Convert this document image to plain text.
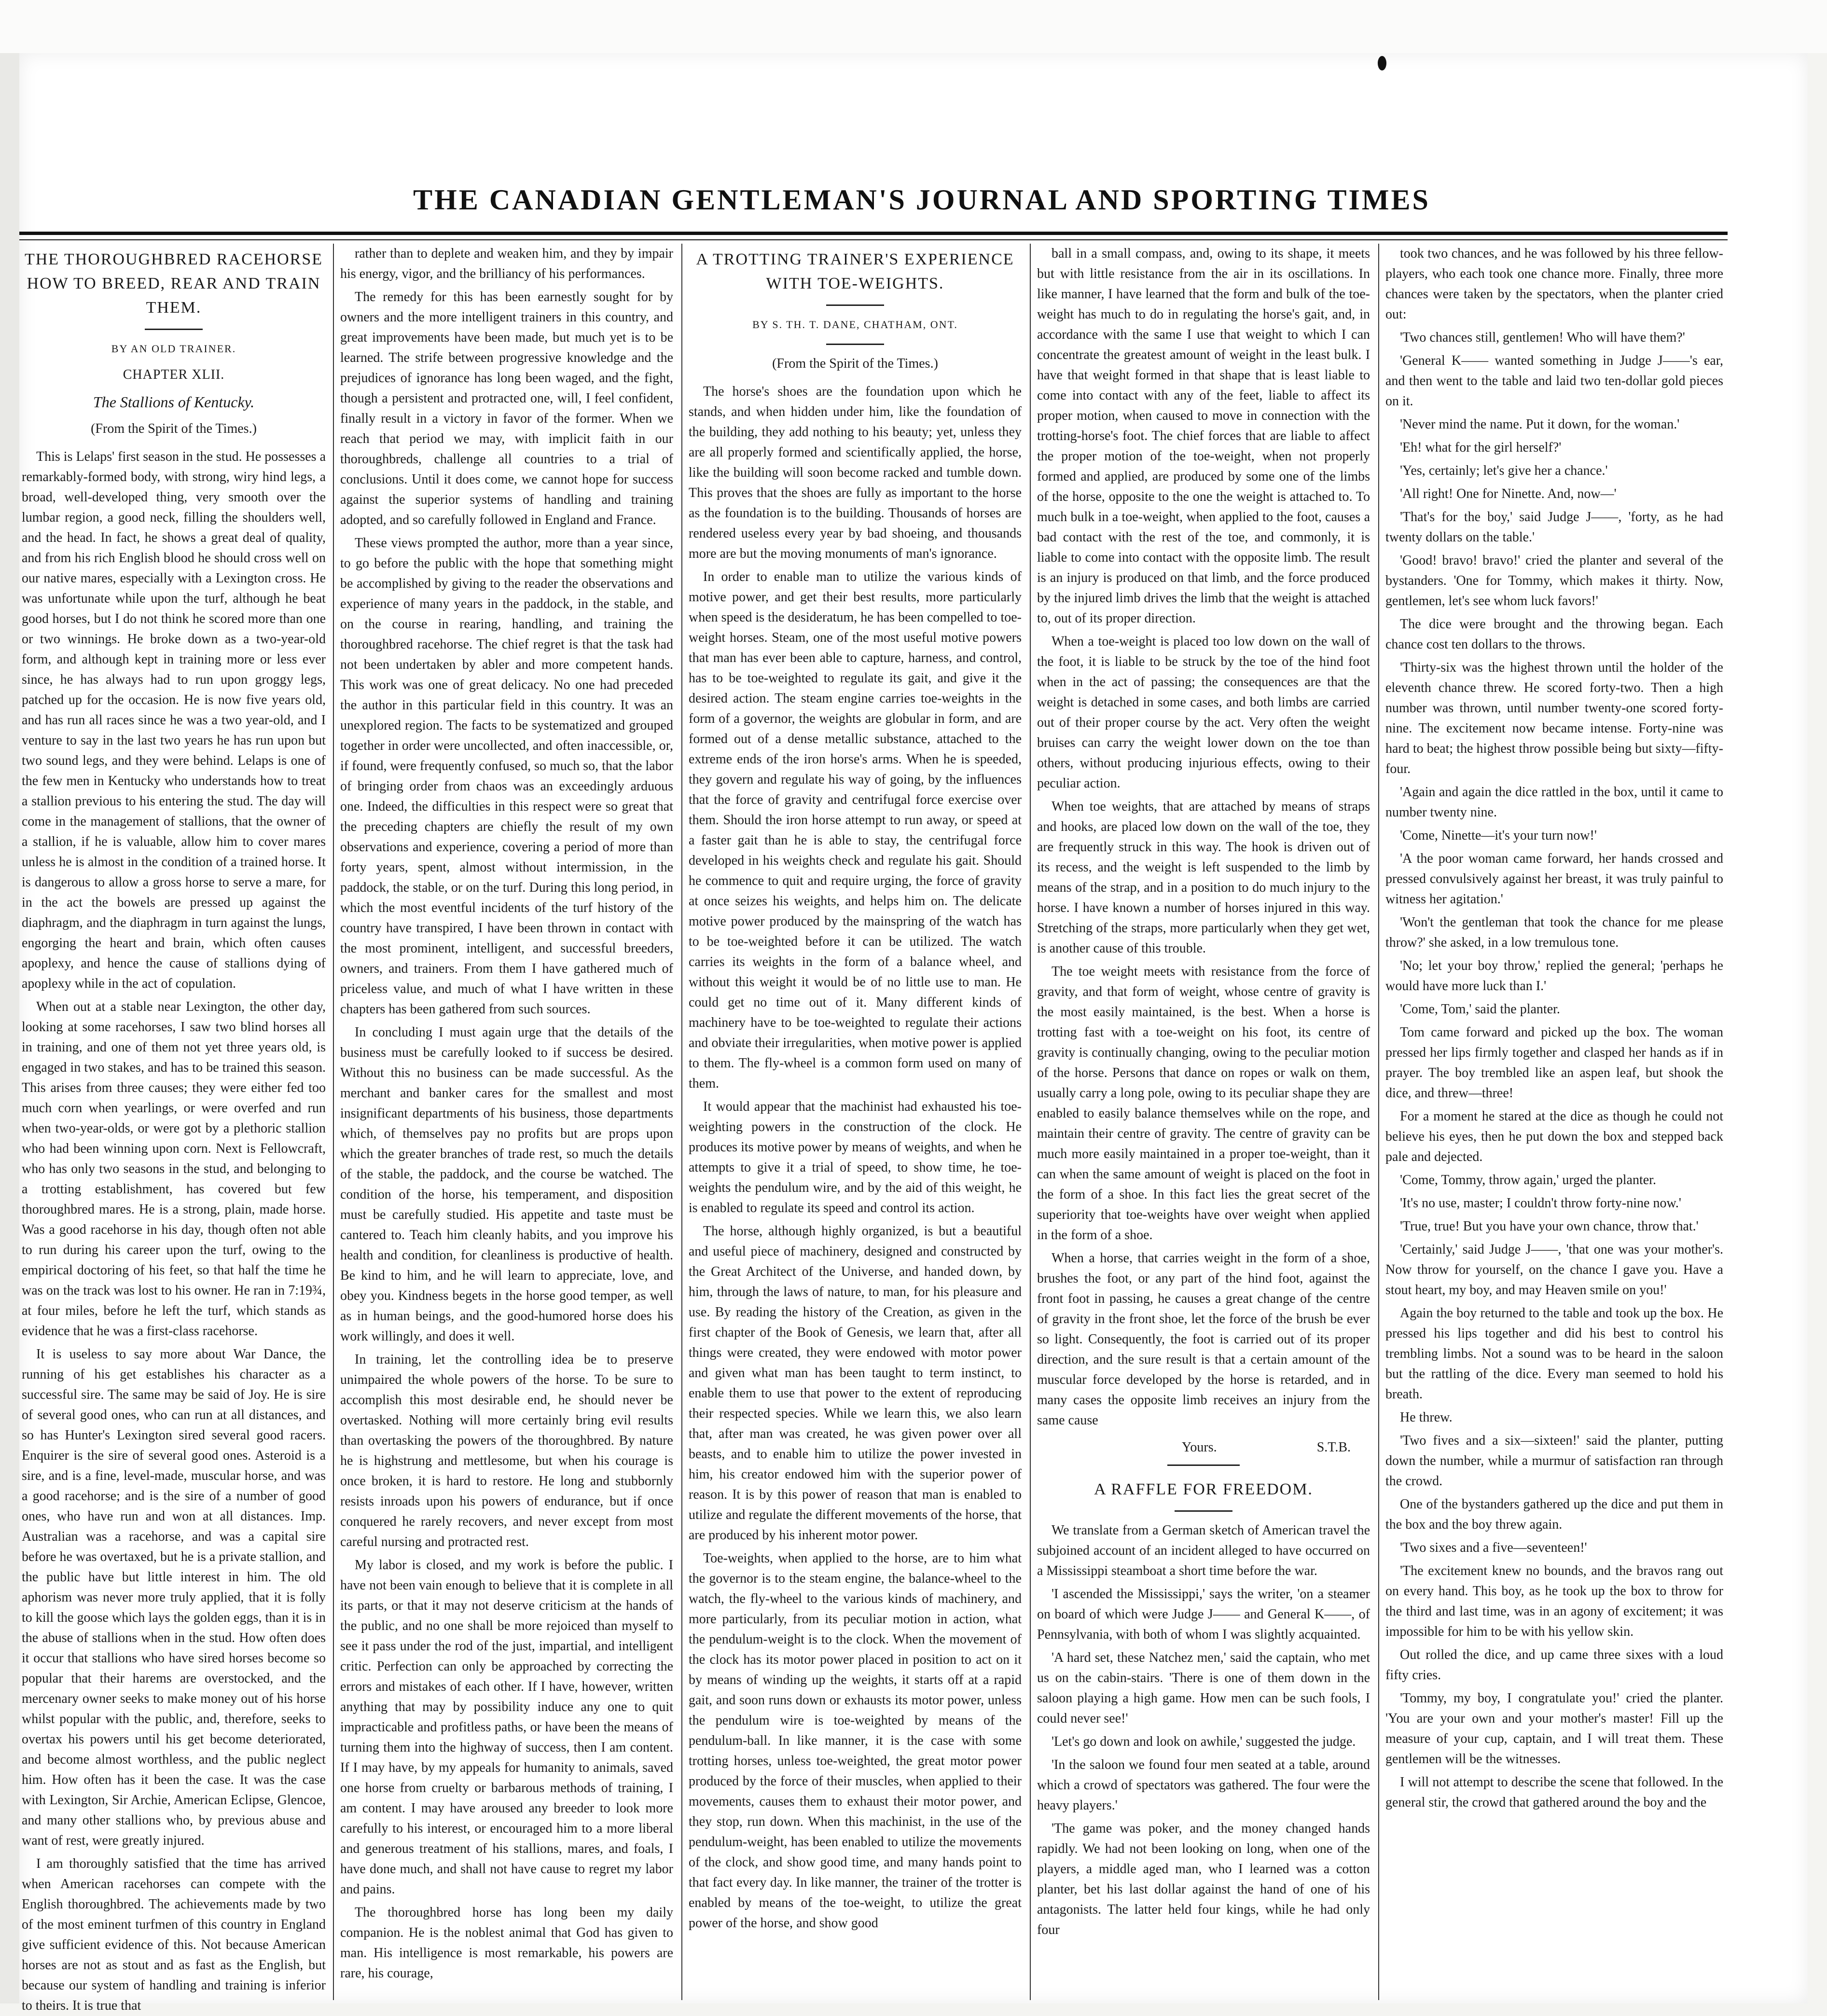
THE CANADIAN GENTLEMAN'S JOURNAL AND SPORTING TIMES
THE THOROUGHBRED RACEHORSE HOW TO BREED, REAR AND TRAIN THEM.
BY AN OLD TRAINER.
CHAPTER XLII.
The Stallions of Kentucky.
(From the Spirit of the Times.)

This is Lelaps' first season in the stud. He possesses a remarkably-formed body, with strong, wiry hind legs, a broad, well-developed thing, very smooth over the lumbar region, a good neck, filling the shoulders well, and the head. In fact, he shows a great deal of quality, and from his rich English blood he should cross well on our native mares, especially with a Lexington cross. He was unfortunate while upon the turf, although he beat good horses, but I do not think he scored more than one or two winnings. He broke down as a two-year-old form, and although kept in training more or less ever since, he has always had to run upon groggy legs, patched up for the occasion. He is now five years old, and has run all races since he was a two year-old, and I venture to say in the last two years he has run upon but two sound legs, and they were behind. Lelaps is one of the few men in Kentucky who understands how to treat a stallion previous to his entering the stud. The day will come in the management of stallions, that the owner of a stallion, if he is valuable, allow him to cover mares unless he is almost in the condition of a trained horse. It is dangerous to allow a gross horse to serve a mare, for in the act the bowels are pressed up against the diaphragm, and the diaphragm in turn against the lungs, engorging the heart and brain, which often causes apoplexy, and hence the cause of stallions dying of apoplexy while in the act of copulation.

When out at a stable near Lexington, the other day, looking at some racehorses, I saw two blind horses all in training, and one of them not yet three years old, is engaged in two stakes, and has to be trained this season. This arises from three causes; they were either fed too much corn when yearlings, or were overfed and run when two-year-olds, or were got by a plethoric stallion who had been winning upon corn. Next is Fellowcraft, who has only two seasons in the stud, and belonging to a trotting establishment, has covered but few thoroughbred mares. He is a strong, plain, made horse. Was a good racehorse in his day, though often not able to run during his career upon the turf, owing to the empirical doctoring of his feet, so that half the time he was on the track was lost to his owner. He ran in 7:19¾, at four miles, before he left the turf, which stands as evidence that he was a first-class racehorse.

It is useless to say more about War Dance, the running of his get establishes his character as a successful sire. The same may be said of Joy. He is sire of several good ones, who can run at all distances, and so has Hunter's Lexington sired several good racers. Enquirer is the sire of several good ones. Asteroid is a sire, and is a fine, level-made, muscular horse, and was a good racehorse; and is the sire of a number of good ones, who have run and won at all distances. Imp. Australian was a racehorse, and was a capital sire before he was overtaxed, but he is a private stallion, and the public have but little interest in him. The old aphorism was never more truly applied, that it is folly to kill the goose which lays the golden eggs, than it is in the abuse of stallions when in the stud. How often does it occur that stallions who have sired horses become so popular that their harems are overstocked, and the mercenary owner seeks to make money out of his horse whilst popular with the public, and, therefore, seeks to overtax his powers until his get become deteriorated, and become almost worthless, and the public neglect him. How often has it been the case. It was the case with Lexington, Sir Archie, American Eclipse, Glencoe, and many other stallions who, by previous abuse and want of rest, were greatly injured.

I am thoroughly satisfied that the time has arrived when American racehorses can compete with the English thoroughbred. The achievements made by two of the most eminent turfmen of this country in England give sufficient evidence of this. Not because American horses are not as stout and as fast as the English, but because our system of handling and training is inferior to theirs. It is true that

rather than to deplete and weaken him, and they by impair his energy, vigor, and the brilliancy of his performances.

The remedy for this has been earnestly sought for by owners and the more intelligent trainers in this country, and great improvements have been made, but much yet is to be learned. The strife between progressive knowledge and the prejudices of ignorance has long been waged, and the fight, though a persistent and protracted one, will, I feel confident, finally result in a victory in favor of the former. When we reach that period we may, with implicit faith in our thoroughbreds, challenge all countries to a trial of conclusions. Until it does come, we cannot hope for success against the superior systems of handling and training adopted, and so carefully followed in England and France.

These views prompted the author, more than a year since, to go before the public with the hope that something might be accomplished by giving to the reader the observations and experience of many years in the paddock, in the stable, and on the course in rearing, handling, and training the thoroughbred racehorse. The chief regret is that the task had not been undertaken by abler and more competent hands. This work was one of great delicacy. No one had preceded the author in this particular field in this country. It was an unexplored region. The facts to be systematized and grouped together in order were uncollected, and often inaccessible, or, if found, were frequently confused, so much so, that the labor of bringing order from chaos was an exceedingly arduous one. Indeed, the difficulties in this respect were so great that the preceding chapters are chiefly the result of my own observations and experience, covering a period of more than forty years, spent, almost without intermission, in the paddock, the stable, or on the turf. During this long period, in which the most eventful incidents of the turf history of the country have transpired, I have been thrown in contact with the most prominent, intelligent, and successful breeders, owners, and trainers. From them I have gathered much of priceless value, and much of what I have written in these chapters has been gathered from such sources.

In concluding I must again urge that the details of the business must be carefully looked to if success be desired. Without this no business can be made successful. As the merchant and banker cares for the smallest and most insignificant departments of his business, those departments which, of themselves pay no profits but are props upon which the greater branches of trade rest, so much the details of the stable, the paddock, and the course be watched. The condition of the horse, his temperament, and disposition must be carefully studied. His appetite and taste must be cantered to. Teach him cleanly habits, and you improve his health and condition, for cleanliness is productive of health. Be kind to him, and he will learn to appreciate, love, and obey you. Kindness begets in the horse good temper, as well as in human beings, and the good-humored horse does his work willingly, and does it well.

In training, let the controlling idea be to preserve unimpaired the whole powers of the horse. To be sure to accomplish this most desirable end, he should never be overtasked. Nothing will more certainly bring evil results than overtasking the powers of the thoroughbred. By nature he is highstrung and mettlesome, but when his courage is once broken, it is hard to restore. He long and stubbornly resists inroads upon his powers of endurance, but if once conquered he rarely recovers, and never except from most careful nursing and protracted rest.

My labor is closed, and my work is before the public. I have not been vain enough to believe that it is complete in all its parts, or that it may not deserve criticism at the hands of the public, and no one shall be more rejoiced than myself to see it pass under the rod of the just, impartial, and intelligent critic. Perfection can only be approached by correcting the errors and mistakes of each other. If I have, however, written anything that may by possibility induce any one to quit impracticable and profitless paths, or have been the means of turning them into the highway of success, then I am content. If I may have, by my appeals for humanity to animals, saved one horse from cruelty or barbarous methods of training, I am content. I may have aroused any breeder to look more carefully to his interest, or encouraged him to a more liberal and generous treatment of his stallions, mares, and foals, I have done much, and shall not have cause to regret my labor and pains.

The thoroughbred horse has long been my daily companion. He is the noblest animal that God has given to man. His intelligence is most remarkable, his powers are rare, his courage,

A TROTTING TRAINER'S EXPERIENCE WITH TOE-WEIGHTS.
BY S. TH. T. DANE, CHATHAM, ONT.
(From the Spirit of the Times.)

The horse's shoes are the foundation upon which he stands, and when hidden under him, like the foundation of the building, they add nothing to his beauty; yet, unless they are all properly formed and scientifically applied, the horse, like the building will soon become racked and tumble down. This proves that the shoes are fully as important to the horse as the foundation is to the building. Thousands of horses are rendered useless every year by bad shoeing, and thousands more are but the moving monuments of man's ignorance.

In order to enable man to utilize the various kinds of motive power, and get their best results, more particularly when speed is the desideratum, he has been compelled to toe-weight horses. Steam, one of the most useful motive powers that man has ever been able to capture, harness, and control, has to be toe-weighted to regulate its gait, and give it the desired action. The steam engine carries toe-weights in the form of a governor, the weights are globular in form, and are formed out of a dense metallic substance, attached to the extreme ends of the iron horse's arms. When he is speeded, they govern and regulate his way of going, by the influences that the force of gravity and centrifugal force exercise over them. Should the iron horse attempt to run away, or speed at a faster gait than he is able to stay, the centrifugal force developed in his weights check and regulate his gait. Should he commence to quit and require urging, the force of gravity at once seizes his weights, and helps him on. The delicate motive power produced by the mainspring of the watch has to be toe-weighted before it can be utilized. The watch carries its weights in the form of a balance wheel, and without this weight it would be of no little use to man. He could get no time out of it. Many different kinds of machinery have to be toe-weighted to regulate their actions and obviate their irregularities, when motive power is applied to them. The fly-wheel is a common form used on many of them.

It would appear that the machinist had exhausted his toe-weighting powers in the construction of the clock. He produces its motive power by means of weights, and when he attempts to give it a trial of speed, to show time, he toe-weights the pendulum wire, and by the aid of this weight, he is enabled to regulate its speed and control its action.

The horse, although highly organized, is but a beautiful and useful piece of machinery, designed and constructed by the Great Architect of the Universe, and handed down, by him, through the laws of nature, to man, for his pleasure and use. By reading the history of the Creation, as given in the first chapter of the Book of Genesis, we learn that, after all things were created, they were endowed with motor power and given what man has been taught to term instinct, to enable them to use that power to the extent of reproducing their respected species. While we learn this, we also learn that, after man was created, he was given power over all beasts, and to enable him to utilize the power invested in him, his creator endowed him with the superior power of reason. It is by this power of reason that man is enabled to utilize and regulate the different movements of the horse, that are produced by his inherent motor power.

Toe-weights, when applied to the horse, are to him what the governor is to the steam engine, the balance-wheel to the watch, the fly-wheel to the various kinds of machinery, and more particularly, from its peculiar motion in action, what the pendulum-weight is to the clock. When the movement of the clock has its motor power placed in position to act on it by means of winding up the weights, it starts off at a rapid gait, and soon runs down or exhausts its motor power, unless the pendulum wire is toe-weighted by means of the pendulum-ball. In like manner, it is the case with some trotting horses, unless toe-weighted, the great motor power produced by the force of their muscles, when applied to their movements, causes them to exhaust their motor power, and they stop, run down. When this machinist, in the use of the pendulum-weight, has been enabled to utilize the movements of the clock, and show good time, and many hands point to that fact every day. In like manner, the trainer of the trotter is enabled by means of the toe-weight, to utilize the great power of the horse, and show good

ball in a small compass, and, owing to its shape, it meets but with little resistance from the air in its oscillations. In like manner, I have learned that the form and bulk of the toe-weight has much to do in regulating the horse's gait, and, in accordance with the same I use that weight to which I can concentrate the greatest amount of weight in the least bulk. I have that weight formed in that shape that is least liable to come into contact with any of the feet, liable to affect its proper motion, when caused to move in connection with the trotting-horse's foot. The chief forces that are liable to affect the proper motion of the toe-weight, when not properly formed and applied, are produced by some one of the limbs of the horse, opposite to the one the weight is attached to. To much bulk in a toe-weight, when applied to the foot, causes a bad contact with the rest of the toe, and commonly, it is liable to come into contact with the opposite limb. The result is an injury is produced on that limb, and the force produced by the injured limb drives the limb that the weight is attached to, out of its proper direction.

When a toe-weight is placed too low down on the wall of the foot, it is liable to be struck by the toe of the hind foot when in the act of passing; the consequences are that the weight is detached in some cases, and both limbs are carried out of their proper course by the act. Very often the weight bruises can carry the weight lower down on the toe than others, without producing injurious effects, owing to their peculiar action.

When toe weights, that are attached by means of straps and hooks, are placed low down on the wall of the toe, they are frequently struck in this way. The hook is driven out of its recess, and the weight is left suspended to the limb by means of the strap, and in a position to do much injury to the horse. I have known a number of horses injured in this way. Stretching of the straps, more particularly when they get wet, is another cause of this trouble.

The toe weight meets with resistance from the force of gravity, and that form of weight, whose centre of gravity is the most easily maintained, is the best. When a horse is trotting fast with a toe-weight on his foot, its centre of gravity is continually changing, owing to the peculiar motion of the horse. Persons that dance on ropes or walk on them, usually carry a long pole, owing to its peculiar shape they are enabled to easily balance themselves while on the rope, and maintain their centre of gravity. The centre of gravity can be much more easily maintained in a proper toe-weight, than it can when the same amount of weight is placed on the foot in the form of a shoe. In this fact lies the great secret of the superiority that toe-weights have over weight when applied in the form of a shoe.

When a horse, that carries weight in the form of a shoe, brushes the foot, or any part of the hind foot, against the front foot in passing, he causes a great change of the centre of gravity in the front shoe, let the force of the brush be ever so light. Consequently, the foot is carried out of its proper direction, and the sure result is that a certain amount of the muscular force developed by the horse is retarded, and in many cases the opposite limb receives an injury from the same cause

Yours.	S.T.B.
A RAFFLE FOR FREEDOM.

We translate from a German sketch of American travel the subjoined account of an incident alleged to have occurred on a Mississippi steamboat a short time before the war.

'I ascended the Mississippi,' says the writer, 'on a steamer on board of which were Judge J—— and General K——, of Pennsylvania, with both of whom I was slightly acquainted.

'A hard set, these Natchez men,' said the captain, who met us on the cabin-stairs. 'There is one of them down in the saloon playing a high game. How men can be such fools, I could never see!'

'Let's go down and look on awhile,' suggested the judge.

'In the saloon we found four men seated at a table, around which a crowd of spectators was gathered. The four were the heavy players.'

'The game was poker, and the money changed hands rapidly. We had not been looking on long, when one of the players, a middle aged man, who I learned was a cotton planter, bet his last dollar against the hand of one of his antagonists. The latter held four kings, while he had only four

took two chances, and he was followed by his three fellow-players, who each took one chance more. Finally, three more chances were taken by the spectators, when the planter cried out:

'Two chances still, gentlemen! Who will have them?'

'General K—— wanted something in Judge J——'s ear, and then went to the table and laid two ten-dollar gold pieces on it.

'Never mind the name. Put it down, for the woman.'

'Eh! what for the girl herself?'

'Yes, certainly; let's give her a chance.'

'All right! One for Ninette. And, now—'

'That's for the boy,' said Judge J——, 'forty, as he had twenty dollars on the table.'

'Good! bravo! bravo!' cried the planter and several of the bystanders. 'One for Tommy, which makes it thirty. Now, gentlemen, let's see whom luck favors!'

The dice were brought and the throwing began. Each chance cost ten dollars to the throws.

'Thirty-six was the highest thrown until the holder of the eleventh chance threw. He scored forty-two. Then a high number was thrown, until number twenty-one scored forty-nine. The excitement now became intense. Forty-nine was hard to beat; the highest throw possible being but sixty—fifty-four.

'Again and again the dice rattled in the box, until it came to number twenty nine.

'Come, Ninette—it's your turn now!'

'A the poor woman came forward, her hands crossed and pressed convulsively against her breast, it was truly painful to witness her agitation.'

'Won't the gentleman that took the chance for me please throw?' she asked, in a low tremulous tone.

'No; let your boy throw,' replied the general; 'perhaps he would have more luck than I.'

'Come, Tom,' said the planter.

Tom came forward and picked up the box. The woman pressed her lips firmly together and clasped her hands as if in prayer. The boy trembled like an aspen leaf, but shook the dice, and threw—three!

For a moment he stared at the dice as though he could not believe his eyes, then he put down the box and stepped back pale and dejected.

'Come, Tommy, throw again,' urged the planter.

'It's no use, master; I couldn't throw forty-nine now.'

'True, true! But you have your own chance, throw that.'

'Certainly,' said Judge J——, 'that one was your mother's. Now throw for yourself, on the chance I gave you. Have a stout heart, my boy, and may Heaven smile on you!'

Again the boy returned to the table and took up the box. He pressed his lips together and did his best to control his trembling limbs. Not a sound was to be heard in the saloon but the rattling of the dice. Every man seemed to hold his breath.

He threw.

'Two fives and a six—sixteen!' said the planter, putting down the number, while a murmur of satisfaction ran through the crowd.

One of the bystanders gathered up the dice and put them in the box and the boy threw again.

'Two sixes and a five—seventeen!'

'The excitement knew no bounds, and the bravos rang out on every hand. This boy, as he took up the box to throw for the third and last time, was in an agony of excitement; it was impossible for him to be with his yellow skin.

Out rolled the dice, and up came three sixes with a loud fifty cries.

'Tommy, my boy, I congratulate you!' cried the planter. 'You are your own and your mother's master! Fill up the measure of your cup, captain, and I will treat them. These gentlemen will be the witnesses.

I will not attempt to describe the scene that followed. In the general stir, the crowd that gathered around the boy and the
